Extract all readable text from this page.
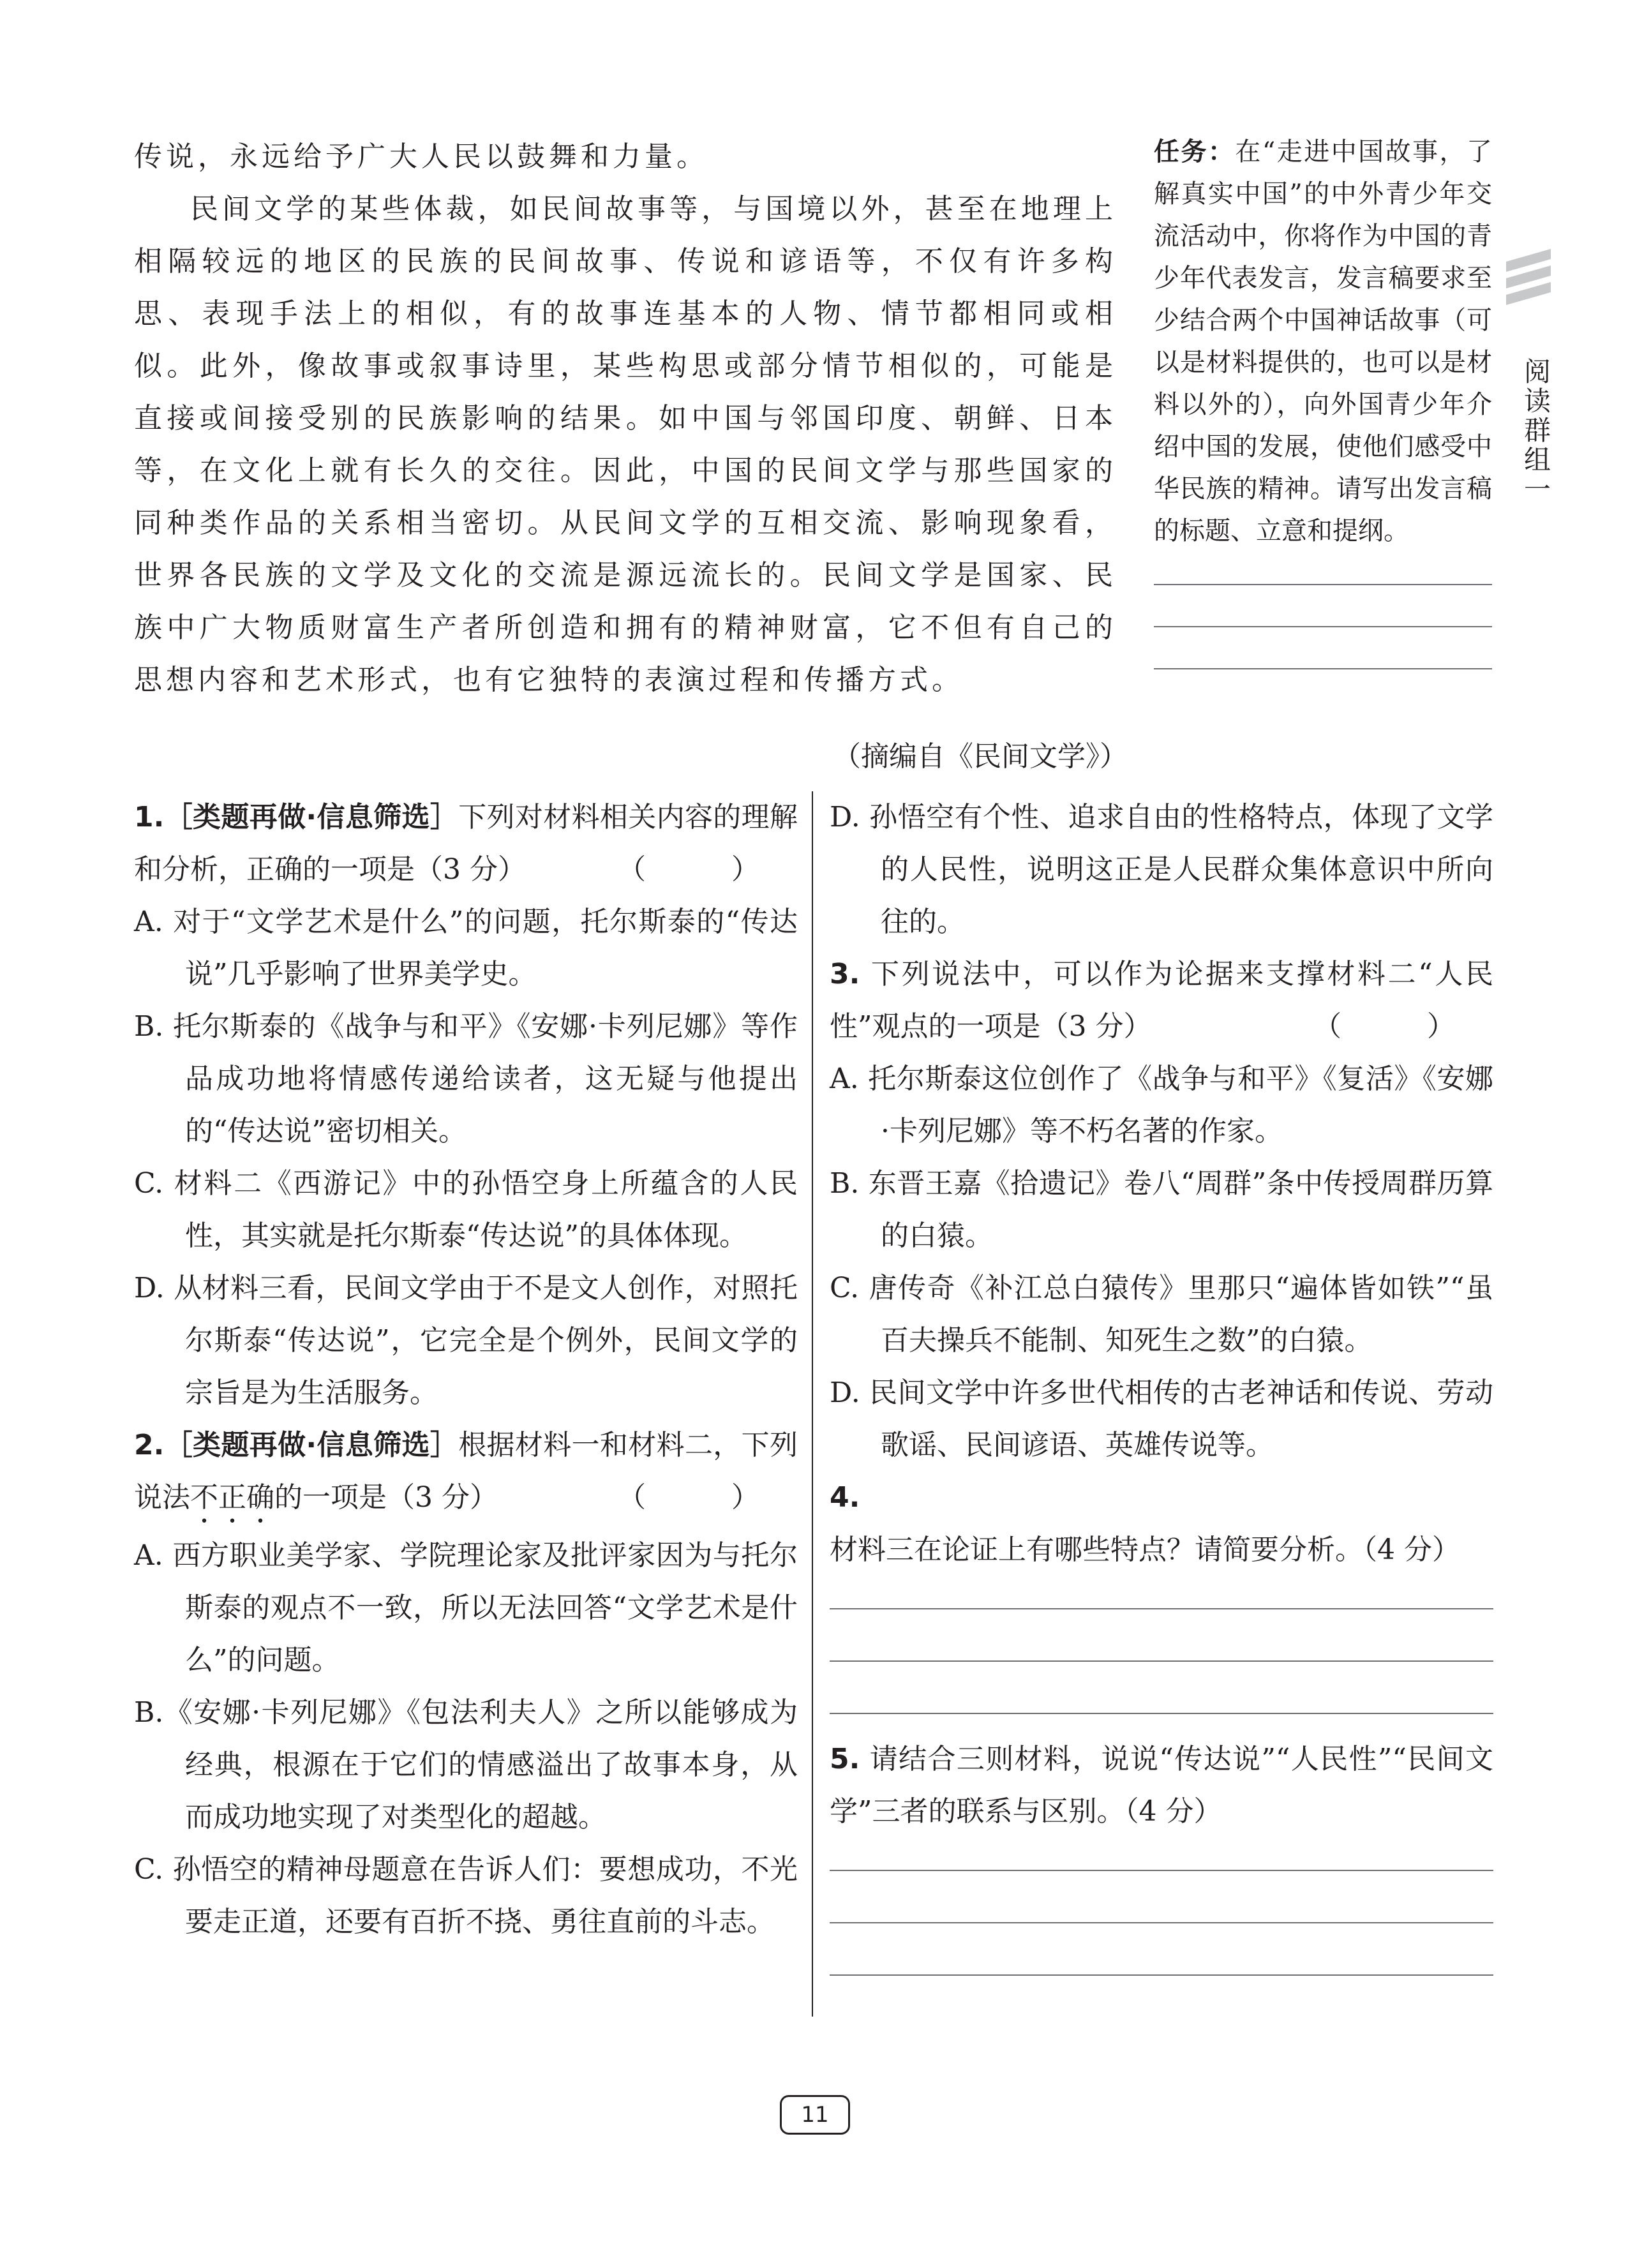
传说，永远给予广大人民以鼓舞和力量。

民间文学的某些体裁，如民间故事等，与国境以外，甚至在地理上相隔较远的地区的民族的民间故事、传说和谚语等，不仅有许多构思、表现手法上的相似，有的故事连基本的人物、情节都相同或相似。此外，像故事或叙事诗里，某些构思或部分情节相似的，可能是直接或间接受别的民族影响的结果。如中国与邻国印度、朝鲜、日本等，在文化上就有长久的交往。因此，中国的民间文学与那些国家的同种类作品的关系相当密切。从民间文学的互相交流、影响现象看，世界各民族的文学及文化的交流是源远流长的。民间文学是国家、民族中广大物质财富生产者所创造和拥有的精神财富，它不但有自己的思想内容和艺术形式，也有它独特的表演过程和传播方式。

（摘编自《民间文学》）
任务：在“走进中国故事，了解真实中国”的中外青少年交流活动中，你将作为中国的青少年代表发言，发言稿要求至少结合两个中国神话故事（可以是材料提供的，也可以是材料以外的），向外国青少年介绍中国的发展，使他们感受中华民族的精神。请写出发言稿的标题、立意和提纲。
阅读群组一

1.［类题再做·信息筛选］下列对材料相关内容的理解和分析，正确的一项是（3 分）	（ ）

A. 对于“文学艺术是什么”的问题，托尔斯泰的“传达说”几乎影响了世界美学史。

B. 托尔斯泰的《战争与和平》《安娜·卡列尼娜》等作品成功地将情感传递给读者，这无疑与他提出的“传达说”密切相关。

C. 材料二《西游记》中的孙悟空身上所蕴含的人民性，其实就是托尔斯泰“传达说”的具体体现。

D. 从材料三看，民间文学由于不是文人创作，对照托尔斯泰“传达说”，它完全是个例外，民间文学的宗旨是为生活服务。

2.［类题再做·信息筛选］根据材料一和材料二，下列说法不正确的一项是（3 分）	（ ）

A. 西方职业美学家、学院理论家及批评家因为与托尔斯泰的观点不一致，所以无法回答“文学艺术是什么”的问题。

B.《安娜·卡列尼娜》《包法利夫人》之所以能够成为经典，根源在于它们的情感溢出了故事本身，从而成功地实现了对类型化的超越。

C. 孙悟空的精神母题意在告诉人们：要想成功，不光要走正道，还要有百折不挠、勇往直前的斗志。

D. 孙悟空有个性、追求自由的性格特点，体现了文学的人民性，说明这正是人民群众集体意识中所向往的。

3. 下列说法中，可以作为论据来支撑材料二“人民性”观点的一项是（3 分）	（ ）

A. 托尔斯泰这位创作了《战争与和平》《复活》《安娜·卡列尼娜》等不朽名著的作家。

B. 东晋王嘉《拾遗记》卷八“周群”条中传授周群历算的白猿。

C. 唐传奇《补江总白猿传》里那只“遍体皆如铁”“虽百夫操兵不能制、知死生之数”的白猿。

D. 民间文学中许多世代相传的古老神话和传说、劳动歌谣、民间谚语、英雄传说等。

4. 材料三在论证上有哪些特点？请简要分析。（4 分）

5. 请结合三则材料，说说“传达说”“人民性”“民间文学”三者的联系与区别。（4 分）

11
